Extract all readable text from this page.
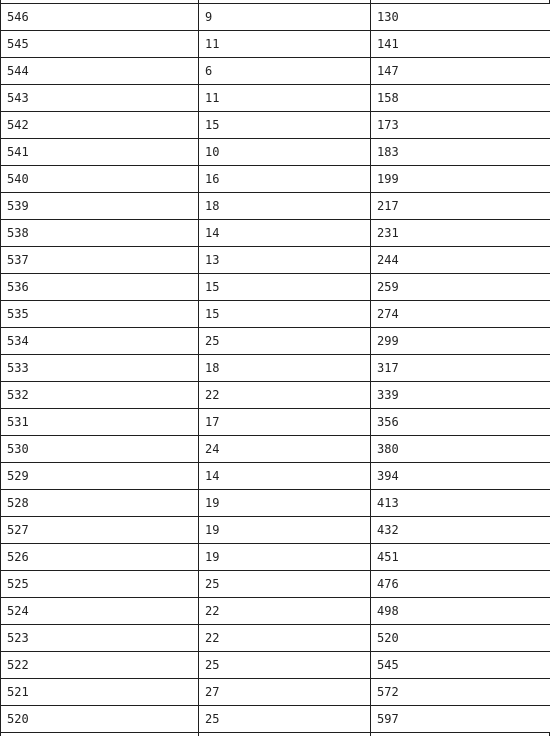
546	9	130
545	11	141
544	6	147
543	11	158
542	15	173
541	10	183
540	16	199
539	18	217
538	14	231
537	13	244
536	15	259
535	15	274
534	25	299
533	18	317
532	22	339
531	17	356
530	24	380
529	14	394
528	19	413
527	19	432
526	19	451
525	25	476
524	22	498
523	22	520
522	25	545
521	27	572
520	25	597
